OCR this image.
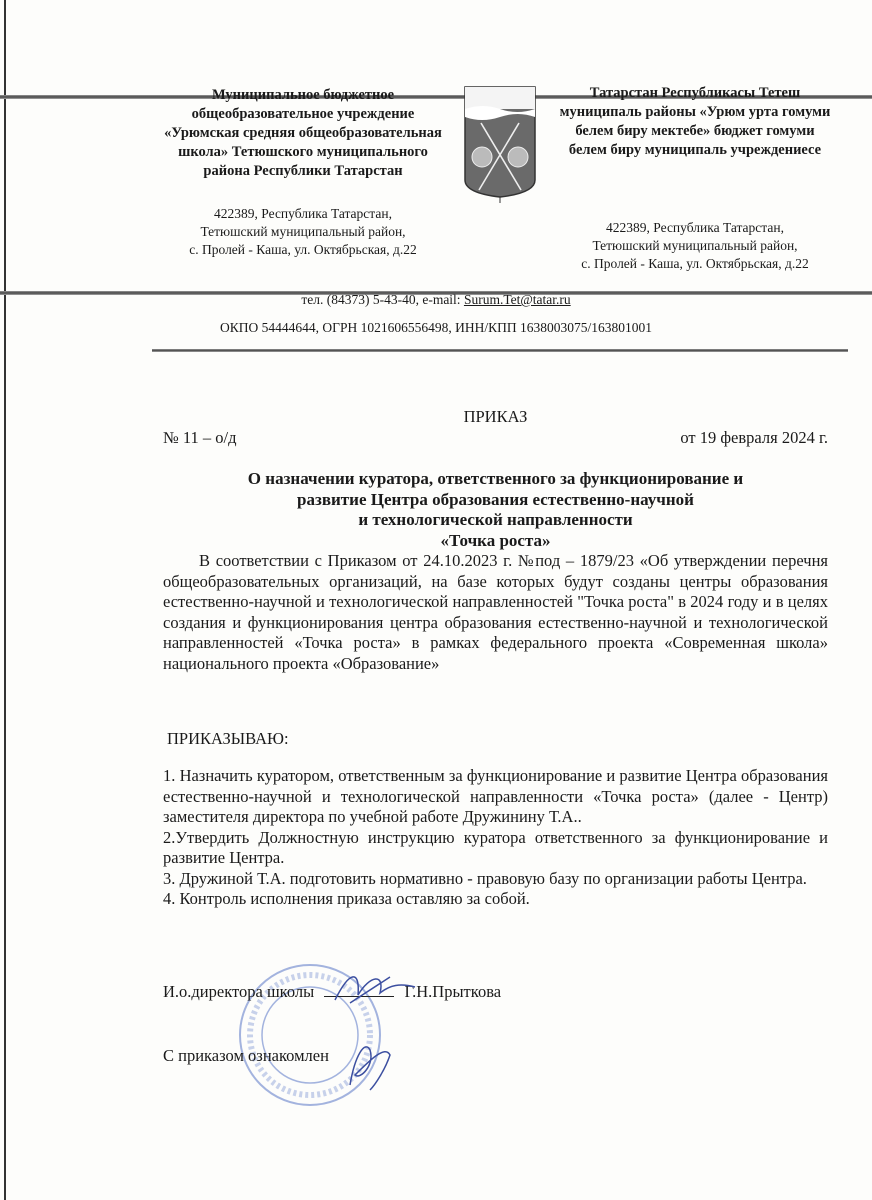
Муниципальное бюджетное
общеобразовательное учреждение
«Урюмская средняя общеобразовательная
школа» Тетюшского муниципального
района Республики Татарстан
Татарстан Республикасы Тетеш
муниципаль районы «Урюм урта гомуми
белем биру мектебе» бюджет гомуми
белем биру муниципаль учреждениесе
422389, Республика Татарстан,
Тетюшский муниципальный район,
с. Пролей - Каша, ул. Октябрьская, д.22
422389, Республика Татарстан,
Тетюшский муниципальный район,
с. Пролей - Каша, ул. Октябрьская, д.22
тел. (84373) 5-43-40, e-mail: Surum.Tet@tatar.ru
ОКПО 54444644, ОГРН 1021606556498, ИНН/КПП 1638003075/163801001
ПРИКАЗ
№ 11 – о/д	от 19 февраля 2024 г.
О назначении куратора, ответственного за функционирование и
развитие Центра образования естественно-научной
и технологической направленности
«Точка роста»

В соответствии с Приказом от 24.10.2023 г. №под – 1879/23 «Об утверждении перечня общеобразовательных организаций, на базе которых будут созданы центры образования естественно-научной и технологической направленностей "Точка роста" в 2024 году и в целях создания и функционирования центра образования естественно-научной и технологической направленностей «Точка роста» в рамках федерального проекта «Современная школа» национального проекта «Образование»

ПРИКАЗЫВАЮ:

1. Назначить куратором, ответственным за функционирование и развитие Центра образования естественно-научной и технологической направленности «Точка роста» (далее - Центр) заместителя директора по учебной работе Дружинину Т.А..

2.Утвердить Должностную инструкцию куратора ответственного за функционирование и развитие Центра.

3. Дружиной Т.А. подготовить нормативно - правовую базу по организации работы Центра.

4. Контроль исполнения приказа оставляю за собой.

И.о.директора школы	Г.Н.Прыткова
С приказом ознакомлен
